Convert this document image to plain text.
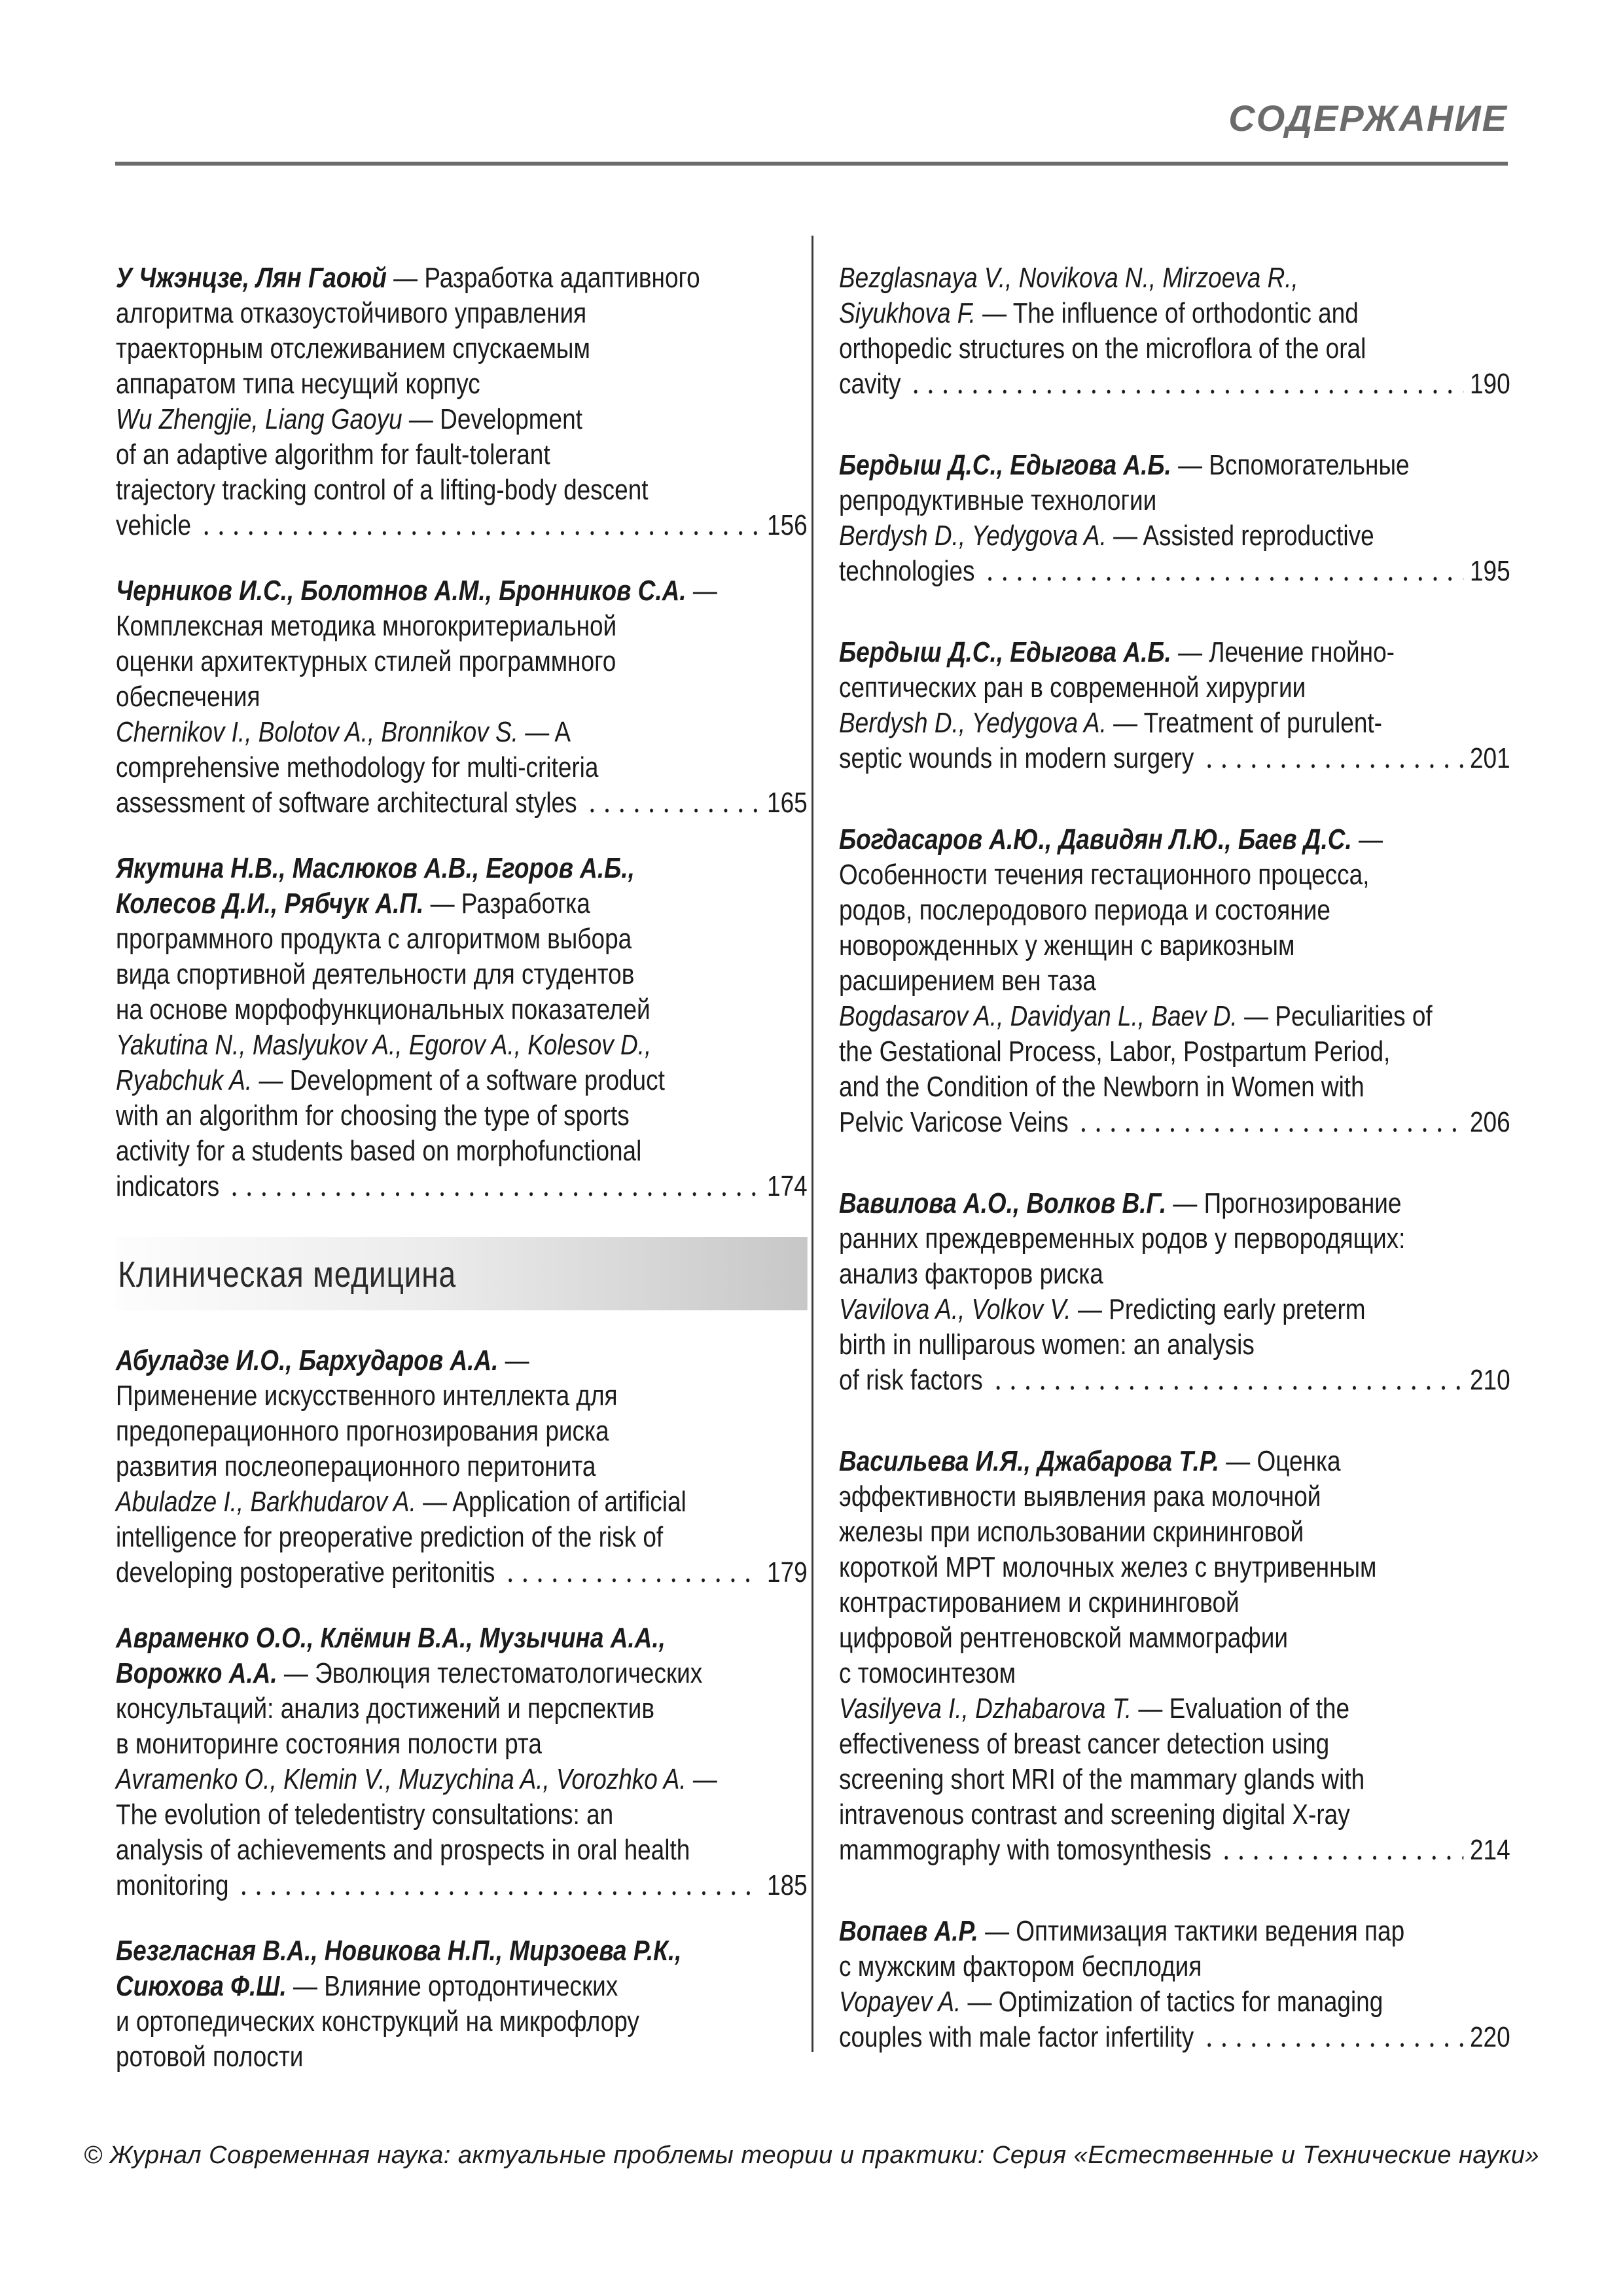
СОДЕРЖАНИЕ
У Чжэнцзе, Лян Гаоюй — Разработка адаптивного
алгоритма отказоустойчивого управления
траекторным отслеживанием спускаемым
аппаратом типа несущий корпус
Wu Zhengjie, Liang Gaoyu — Development
of an adaptive algorithm for fault-tolerant
trajectory tracking control of a lifting-body descent
vehicle	156
Черников И.С., Болотнов А.М., Бронников С.А. —
Комплексная методика многокритериальной
оценки архитектурных стилей программного
обеспечения
Chernikov I., Bolotov A., Bronnikov S. — A
comprehensive methodology for multi-criteria
assessment of software architectural styles	165
Якутина Н.В., Маслюков А.В., Егоров А.Б.,
Колесов Д.И., Рябчук А.П. — Разработка
программного продукта с алгоритмом выбора
вида спортивной деятельности для студентов
на основе морфофункциональных показателей
Yakutina N., Maslyukov A., Egorov A., Kolesov D.,
Ryabchuk A. — Development of a software product
with an algorithm for choosing the type of sports
activity for a students based on morphofunctional
indicators	174
Клиническая медицина
Абуладзе И.О., Бархударов А.А. —
Применение искусственного интеллекта для
предоперационного прогнозирования риска
развития послеоперационного перитонита
Abuladze I., Barkhudarov A. — Application of artificial
intelligence for preoperative prediction of the risk of
developing postoperative peritonitis	179
Авраменко О.О., Клёмин В.А., Музычина А.А.,
Ворожко А.А. — Эволюция телестоматологических
консультаций: анализ достижений и перспектив
в мониторинге состояния полости рта
Avramenko O., Klemin V., Muzychina A., Vorozhko A. —
The evolution of teledentistry consultations: an
analysis of achievements and prospects in oral health
monitoring	185
Безгласная В.А., Новикова Н.П., Мирзоева Р.К.,
Сиюхова Ф.Ш. — Влияние ортодонтических
и ортопедических конструкций на микрофлору
ротовой полости
Bezglasnaya V., Novikova N., Mirzoeva R.,
Siyukhova F. — The influence of orthodontic and
orthopedic structures on the microflora of the oral
cavity	190
Бердыш Д.С., Едыгова А.Б. — Вспомогательные
репродуктивные технологии
Berdysh D., Yedygova A. — Assisted reproductive
technologies	195
Бердыш Д.С., Едыгова А.Б. — Лечение гнойно-
септических ран в современной хирургии
Berdysh D., Yedygova A. — Treatment of purulent-
septic wounds in modern surgery	201
Богдасаров А.Ю., Давидян Л.Ю., Баев Д.С. —
Особенности течения гестационного процесса,
родов, послеродового периода и состояние
новорожденных у женщин с варикозным
расширением вен таза
Bogdasarov A., Davidyan L., Baev D. — Peculiarities of
the Gestational Process, Labor, Postpartum Period,
and the Condition of the Newborn in Women with
Pelvic Varicose Veins	206
Вавилова А.О., Волков В.Г. — Прогнозирование
ранних преждевременных родов у первородящих:
анализ факторов риска
Vavilova A., Volkov V. — Predicting early preterm
birth in nulliparous women: an analysis
of risk factors	210
Васильева И.Я., Джабарова Т.Р. — Оценка
эффективности выявления рака молочной
железы при использовании скрининговой
короткой МРТ молочных желез с внутривенным
контрастированием и скрининговой
цифровой рентгеновской маммографии
с томосинтезом
Vasilyeva I., Dzhabarova T. — Evaluation of the
effectiveness of breast cancer detection using
screening short MRI of the mammary glands with
intravenous contrast and screening digital X-ray
mammography with tomosynthesis	214
Вопаев А.Р. — Оптимизация тактики ведения пар
с мужским фактором бесплодия
Vopayev A. — Optimization of tactics for managing
couples with male factor infertility	220
© Журнал Современная наука: актуальные проблемы теории и практики: Серия «Естественные и Технические науки»
